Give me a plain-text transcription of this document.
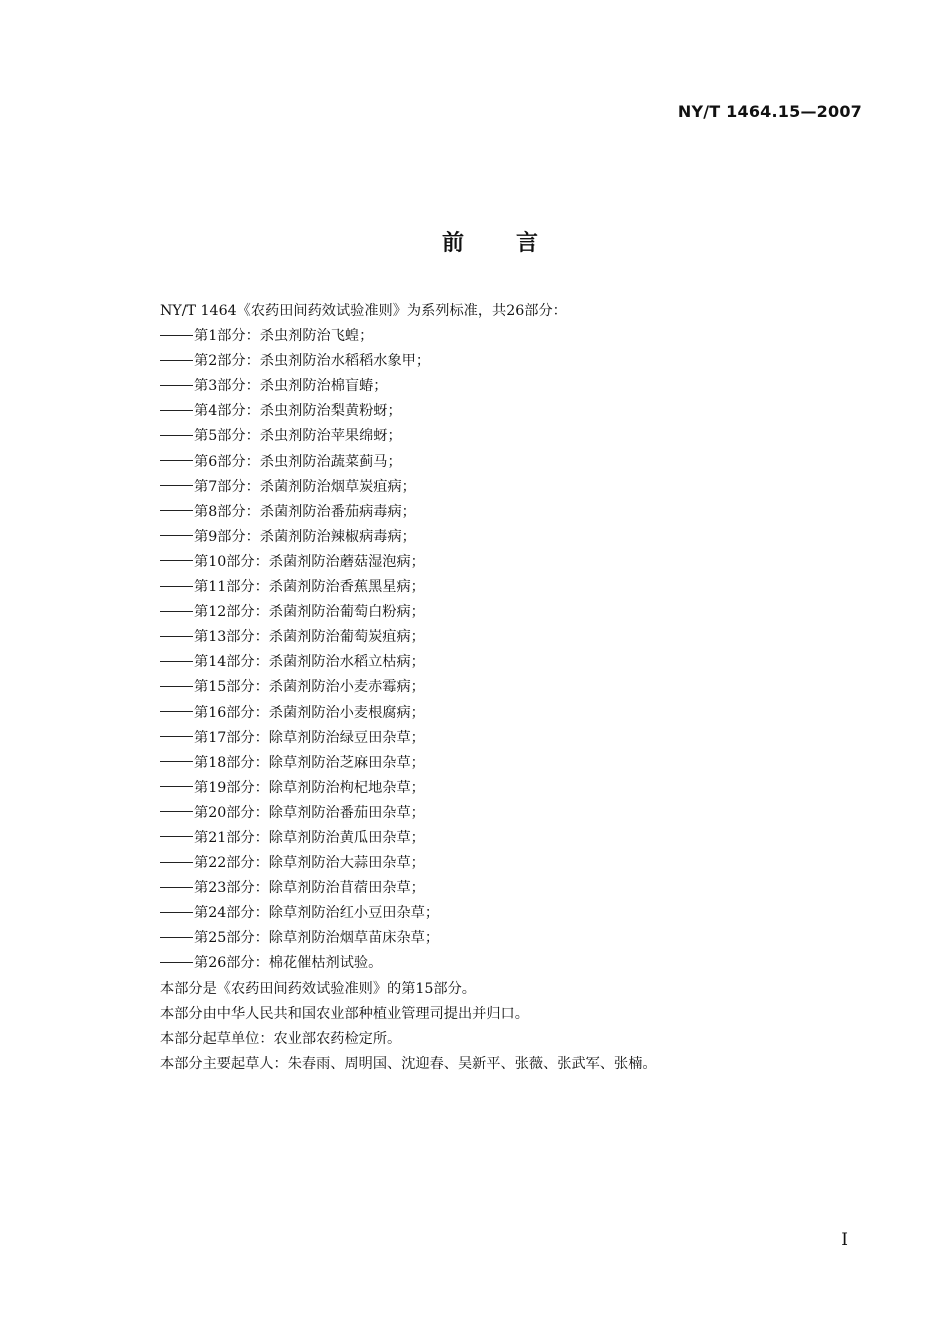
NY/T 1464.15—2007
前言
NY/T 1464《农药田间药效试验准则》为系列标准，共26部分：
第1部分：杀虫剂防治飞蝗；
第2部分：杀虫剂防治水稻稻水象甲；
第3部分：杀虫剂防治棉盲蝽；
第4部分：杀虫剂防治梨黄粉蚜；
第5部分：杀虫剂防治苹果绵蚜；
第6部分：杀虫剂防治蔬菜蓟马；
第7部分：杀菌剂防治烟草炭疽病；
第8部分：杀菌剂防治番茄病毒病；
第9部分：杀菌剂防治辣椒病毒病；
第10部分：杀菌剂防治蘑菇湿泡病；
第11部分：杀菌剂防治香蕉黑星病；
第12部分：杀菌剂防治葡萄白粉病；
第13部分：杀菌剂防治葡萄炭疽病；
第14部分：杀菌剂防治水稻立枯病；
第15部分：杀菌剂防治小麦赤霉病；
第16部分：杀菌剂防治小麦根腐病；
第17部分：除草剂防治绿豆田杂草；
第18部分：除草剂防治芝麻田杂草；
第19部分：除草剂防治枸杞地杂草；
第20部分：除草剂防治番茄田杂草；
第21部分：除草剂防治黄瓜田杂草；
第22部分：除草剂防治大蒜田杂草；
第23部分：除草剂防治苜蓿田杂草；
第24部分：除草剂防治红小豆田杂草；
第25部分：除草剂防治烟草苗床杂草；
第26部分：棉花催枯剂试验。
本部分是《农药田间药效试验准则》的第15部分。
本部分由中华人民共和国农业部种植业管理司提出并归口。
本部分起草单位：农业部农药检定所。
本部分主要起草人：朱春雨、周明国、沈迎春、吴新平、张薇、张武军、张楠。
I
